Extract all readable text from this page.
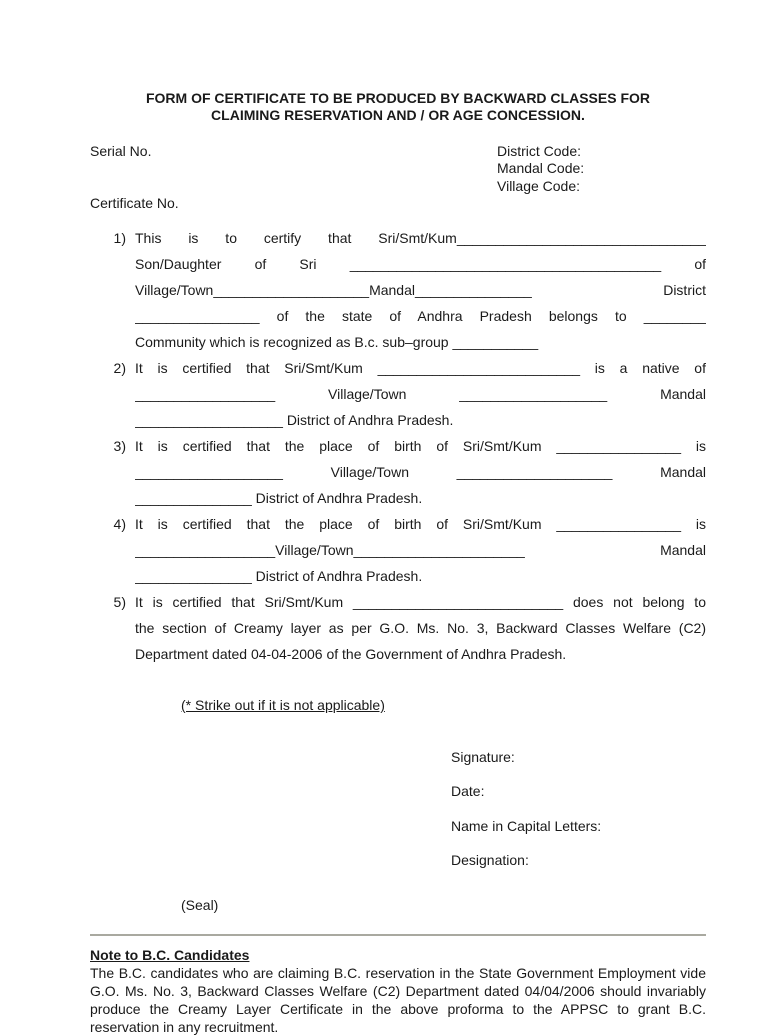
FORM OF CERTIFICATE TO BE PRODUCED BY BACKWARD CLASSES FOR
CLAIMING RESERVATION AND / OR AGE CONCESSION.
Serial No.	District Code:
Mandal Code:
Village Code:
Certificate No.
1) This is to certify that Sri/Smt/Kum________________________________
Son/Daughter of Sri ________________________________________ of
Village/Town____________________Mandal_______________ District
________________ of the state of Andhra Pradesh belongs to ________
Community which is recognized as B.c. sub–group ___________
2) It is certified that Sri/Smt/Kum __________________________ is a native of
__________________ Village/Town ___________________ Mandal
___________________ District of Andhra Pradesh.
3) It is certified that the place of birth of Sri/Smt/Kum ________________ is
___________________ Village/Town ____________________ Mandal
_______________ District of Andhra Pradesh.
4) It is certified that the place of birth of Sri/Smt/Kum ________________ is
__________________Village/Town______________________ Mandal
_______________ District of Andhra Pradesh.
5) It is certified that Sri/Smt/Kum ___________________________ does not belong to
the section of Creamy layer as per G.O. Ms. No. 3, Backward Classes Welfare (C2)
Department dated 04-04-2006 of the Government of Andhra Pradesh.
(* Strike out if it is not applicable)
Signature:
Date:
Name in Capital Letters:
Designation:
(Seal)
Note to B.C. Candidates
The B.C. candidates who are claiming B.C. reservation in the State Government Employment vide G.O. Ms. No. 3, Backward Classes Welfare (C2) Department dated 04/04/2006 should invariably produce the Creamy Layer Certificate in the above proforma to the APPSC to grant B.C. reservation in any recruitment.
